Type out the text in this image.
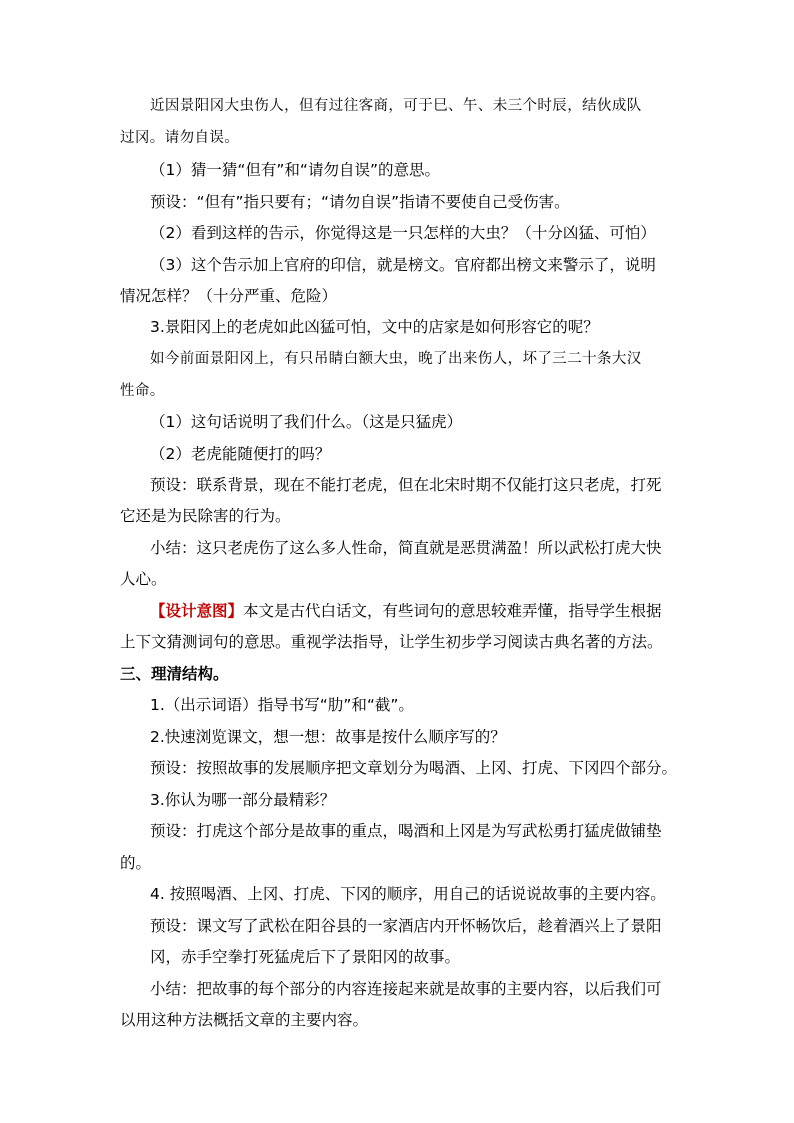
近因景阳冈大虫伤人，但有过往客商，可于巳、午、未三个时辰，结伙成队
过冈。请勿自误。
（1）猜一猜“但有”和“请勿自误”的意思。
预设：“但有”指只要有；“请勿自误”指请不要使自己受伤害。
（2）看到这样的告示，你觉得这是一只怎样的大虫？（十分凶猛、可怕）
（3）这个告示加上官府的印信，就是榜文。官府都出榜文来警示了，说明
情况怎样？（十分严重、危险）
3.景阳冈上的老虎如此凶猛可怕，文中的店家是如何形容它的呢？
如今前面景阳冈上，有只吊睛白额大虫，晚了出来伤人，坏了三二十条大汉
性命。
（1）这句话说明了我们什么。（这是只猛虎）
（2）老虎能随便打的吗？
预设：联系背景，现在不能打老虎，但在北宋时期不仅能打这只老虎，打死
它还是为民除害的行为。
小结：这只老虎伤了这么多人性命，简直就是恶贯满盈！所以武松打虎大快
人心。
【设计意图】本文是古代白话文，有些词句的意思较难弄懂，指导学生根据
上下文猜测词句的意思。重视学法指导，让学生初步学习阅读古典名著的方法。
三、理清结构。
1.（出示词语）指导书写“肋”和“截”。
2.快速浏览课文，想一想：故事是按什么顺序写的？
预设：按照故事的发展顺序把文章划分为喝酒、上冈、打虎、下冈四个部分。
3.你认为哪一部分最精彩？
预设：打虎这个部分是故事的重点，喝酒和上冈是为写武松勇打猛虎做铺垫
的。
4. 按照喝酒、上冈、打虎、下冈的顺序，用自己的话说说故事的主要内容。
预设：课文写了武松在阳谷县的一家酒店内开怀畅饮后，趁着酒兴上了景阳
冈，赤手空拳打死猛虎后下了景阳冈的故事。
小结：把故事的每个部分的内容连接起来就是故事的主要内容，以后我们可
以用这种方法概括文章的主要内容。
